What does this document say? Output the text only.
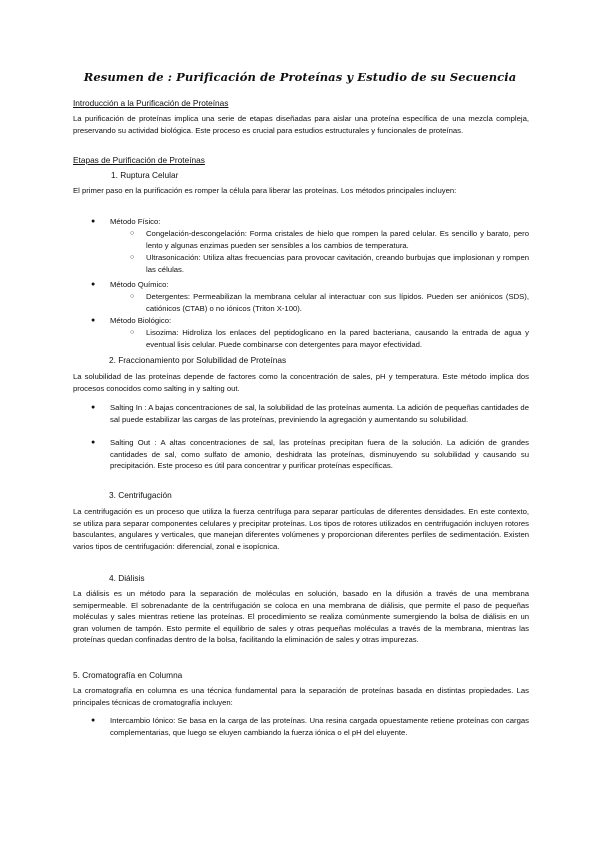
Resumen de : Purificación de Proteínas y Estudio de su Secuencia
Introducción a la Purificación de Proteínas

La purificación de proteínas implica una serie de etapas diseñadas para aislar una proteína específica de una mezcla compleja, preservando su actividad biológica. Este proceso es crucial para estudios estructurales y funcionales de proteínas.

Etapas de Purificación de Proteínas
1. Ruptura Celular

El primer paso en la purificación es romper la célula para liberar las proteínas. Los métodos principales incluyen:

● Método Físico:
○ Congelación-descongelación: Forma cristales de hielo que rompen la pared celular. Es sencillo y barato, pero lento y algunas enzimas pueden ser sensibles a los cambios de temperatura.

○ Ultrasonicación: Utiliza altas frecuencias para provocar cavitación, creando burbujas que implosionan y rompen las células.

● Método Químico:
○ Detergentes: Permeabilizan la membrana celular al interactuar con sus lípidos. Pueden ser aniónicos (SDS), catiónicos (CTAB) o no iónicos (Triton X-100).

● Método Biológico:
○ Lisozima: Hidroliza los enlaces del peptidoglicano en la pared bacteriana, causando la entrada de agua y eventual lisis celular. Puede combinarse con detergentes para mayor efectividad.

2. Fraccionamiento por Solubilidad de Proteínas

La solubilidad de las proteínas depende de factores como la concentración de sales, pH y temperatura. Este método implica dos procesos conocidos como salting in y salting out.

● Salting In : A bajas concentraciones de sal, la solubilidad de las proteínas aumenta. La adición de pequeñas cantidades de sal puede estabilizar las cargas de las proteínas, previniendo la agregación y aumentando su solubilidad.

● Salting Out : A altas concentraciones de sal, las proteínas precipitan fuera de la solución. La adición de grandes cantidades de sal, como sulfato de amonio, deshidrata las proteínas, disminuyendo su solubilidad y causando su precipitación. Este proceso es útil para concentrar y purificar proteínas específicas.

3. Centrifugación

La centrifugación es un proceso que utiliza la fuerza centrífuga para separar partículas de diferentes densidades. En este contexto, se utiliza para separar componentes celulares y precipitar proteínas. Los tipos de rotores utilizados en centrifugación incluyen rotores basculantes, angulares y verticales, que manejan diferentes volúmenes y proporcionan diferentes perfiles de sedimentación. Existen varios tipos de centrifugación: diferencial, zonal e isopícnica.

4. Diálisis

La diálisis es un método para la separación de moléculas en solución, basado en la difusión a través de una membrana semipermeable. El sobrenadante de la centrifugación se coloca en una membrana de diálisis, que permite el paso de pequeñas moléculas y sales mientras retiene las proteínas. El procedimiento se realiza comúnmente sumergiendo la bolsa de diálisis en un gran volumen de tampón. Esto permite el equilibrio de sales y otras pequeñas moléculas a través de la membrana, mientras las proteínas quedan confinadas dentro de la bolsa, facilitando la eliminación de sales y otras impurezas.

5. Cromatografía en Columna

La cromatografía en columna es una técnica fundamental para la separación de proteínas basada en distintas propiedades. Las principales técnicas de cromatografía incluyen:

● Intercambio Iónico: Se basa en la carga de las proteínas. Una resina cargada opuestamente retiene proteínas con cargas complementarias, que luego se eluyen cambiando la fuerza iónica o el pH del eluyente.
